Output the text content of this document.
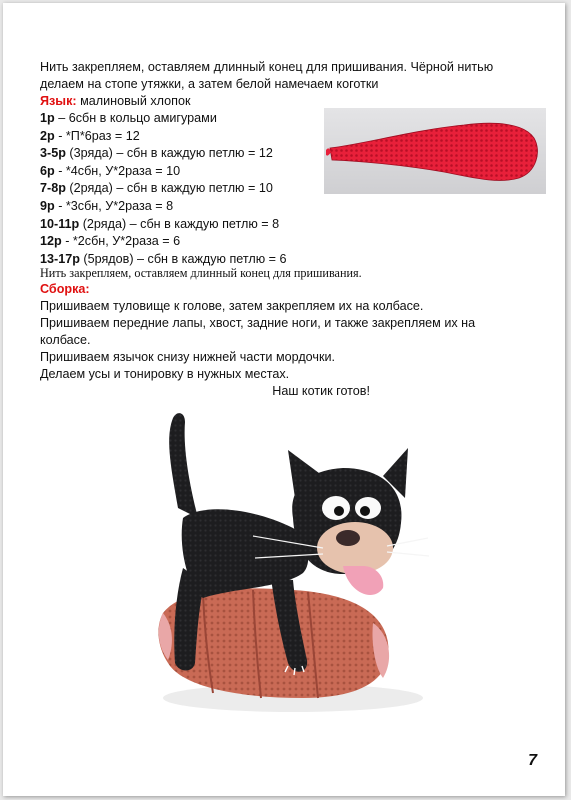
Нить закрепляем, оставляем длинный конец для пришивания. Чёрной нитью
делаем на стопе утяжки, а затем белой намечаем коготки
Язык: малиновый хлопок
1р – 6сбн в кольцо амигурами
2р - *П*6раз = 12
3-5р (3ряда) – сбн в каждую петлю = 12
6р - *4сбн, У*2раза = 10
7-8р (2ряда) – сбн в каждую петлю = 10
9р - *3сбн, У*2раза = 8
10-11р (2ряда) – сбн в каждую петлю = 8
12р - *2сбн, У*2раза = 6
13-17р (5рядов) – сбн в каждую петлю = 6
Нить закрепляем, оставляем длинный конец для пришивания.
Сборка:
Пришиваем туловище к голове, затем закрепляем их на колбасе.
Пришиваем передние лапы, хвост, задние ноги, и также закрепляем их на колбасе.
Пришиваем язычок снизу нижней части мордочки.
Делаем усы и тонировку в нужных местах.
Наш котик готов!
7
